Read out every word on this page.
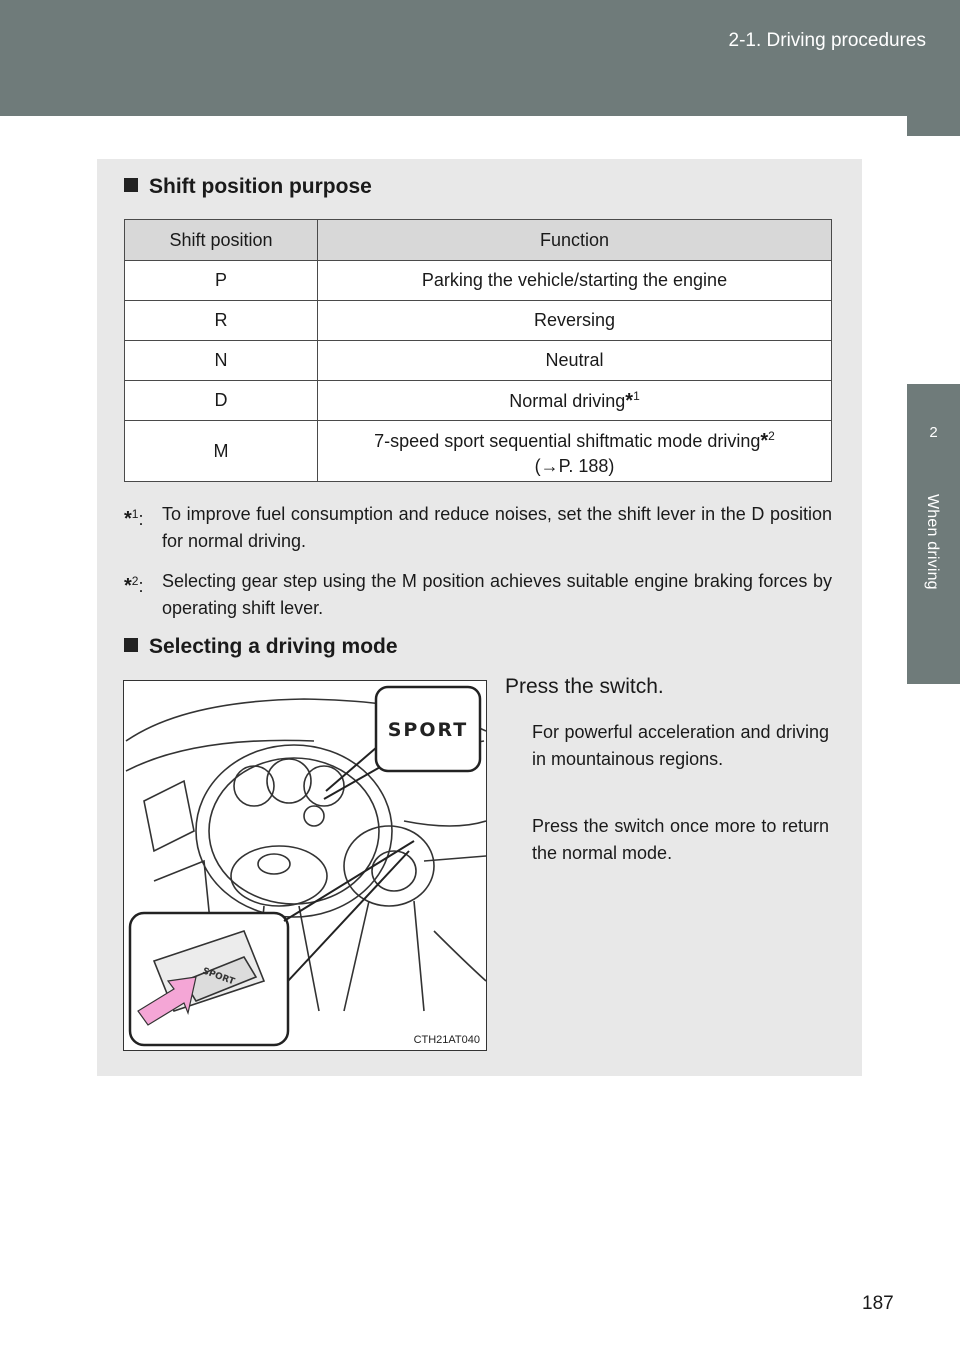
2-1. Driving procedures
2
When driving
Shift position purpose
Shift position	Function
P	Parking the vehicle/starting the engine
R	Reversing
N	Neutral
D	Normal driving*$^1$
M	7-speed sport sequential shiftmatic mode driving*$^2$
(→P. 188)
*$^1$: To improve fuel consumption and reduce noises, set the shift lever in the D position for normal driving.
*$^2$: Selecting gear step using the M position achieves suitable engine braking forces by operating shift lever.
Selecting a driving mode
Press the switch.
For powerful acceleration and driving in mountainous regions.
Press the switch once more to return the normal mode.
SPORT
SPORT
CTH21AT040
187
